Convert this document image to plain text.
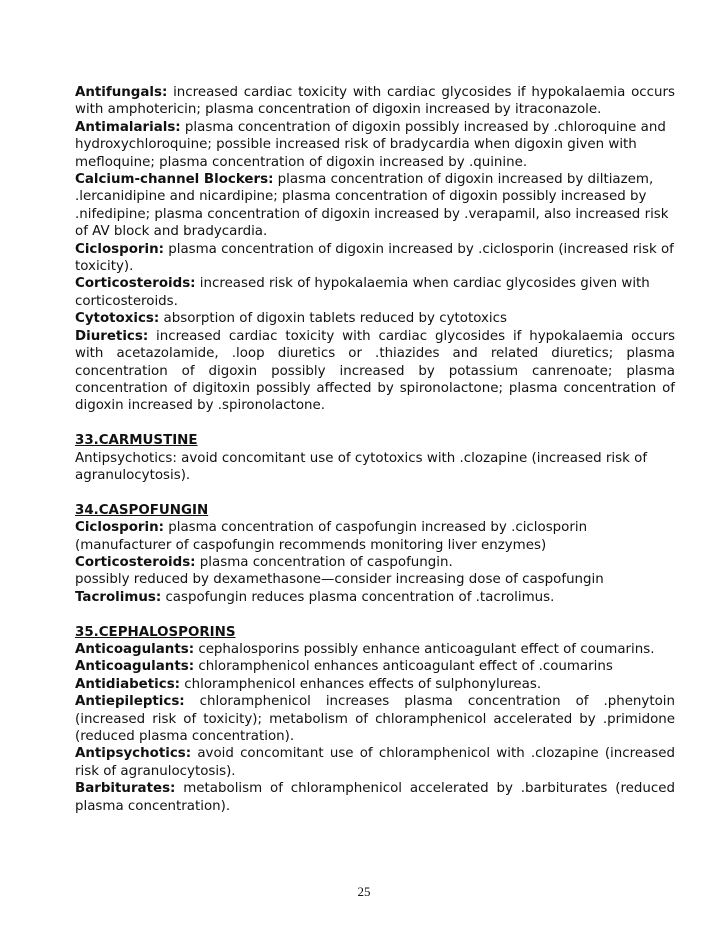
Antifungals: increased cardiac toxicity with cardiac glycosides if hypokalaemia occurs with amphotericin; plasma concentration of digoxin increased by itraconazole.

Antimalarials: plasma concentration of digoxin possibly increased by .chloroquine and hydroxychloroquine; possible increased risk of bradycardia when digoxin given with mefloquine; plasma concentration of digoxin increased by .quinine.

Calcium-channel Blockers: plasma concentration of digoxin increased by diltiazem, .lercanidipine and nicardipine; plasma concentration of digoxin possibly increased by .nifedipine; plasma concentration of digoxin increased by .verapamil, also increased risk of AV block and bradycardia.

Ciclosporin: plasma concentration of digoxin increased by .ciclosporin (increased risk of toxicity).

Corticosteroids: increased risk of hypokalaemia when cardiac glycosides given with corticosteroids.

Cytotoxics: absorption of digoxin tablets reduced by cytotoxics

Diuretics: increased cardiac toxicity with cardiac glycosides if hypokalaemia occurs with acetazolamide, .loop diuretics or .thiazides and related diuretics; plasma concentration of digoxin possibly increased by potassium canrenoate; plasma concentration of digitoxin possibly affected by spironolactone; plasma concentration of digoxin increased by .spironolactone.

33.CARMUSTINE

Antipsychotics: avoid concomitant use of cytotoxics with .clozapine (increased risk of agranulocytosis).

34.CASPOFUNGIN

Ciclosporin: plasma concentration of caspofungin increased by .ciclosporin (manufacturer of caspofungin recommends monitoring liver enzymes)

Corticosteroids: plasma concentration of caspofungin.

possibly reduced by dexamethasone—consider increasing dose of caspofungin

Tacrolimus: caspofungin reduces plasma concentration of .tacrolimus.

35.CEPHALOSPORINS

Anticoagulants: cephalosporins possibly enhance anticoagulant effect of coumarins.

Anticoagulants: chloramphenicol enhances anticoagulant effect of .coumarins

Antidiabetics: chloramphenicol enhances effects of sulphonylureas.

Antiepileptics: chloramphenicol increases plasma concentration of .phenytoin (increased risk of toxicity); metabolism of chloramphenicol accelerated by .primidone (reduced plasma concentration).

Antipsychotics: avoid concomitant use of chloramphenicol with .clozapine (increased risk of agranulocytosis).

Barbiturates: metabolism of chloramphenicol accelerated by .barbiturates (reduced plasma concentration).

25
